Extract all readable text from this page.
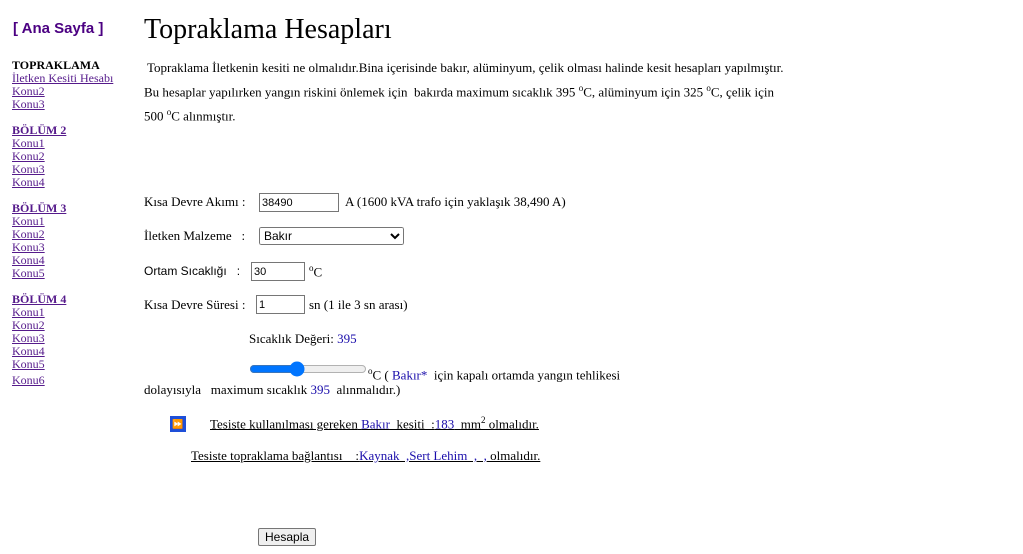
[ Ana Sayfa ]
TOPRAKLAMA
İletken Kesiti Hesabı
Konu2
Konu3
BÖLÜM 2
Konu1
Konu2
Konu3
Konu4
BÖLÜM 3
Konu1
Konu2
Konu3
Konu4
Konu5
BÖLÜM 4
Konu1
Konu2
Konu3
Konu4
Konu5
Konu6
Topraklama Hesapları
Topraklama İletkenin kesiti ne olmalıdır.Bina içerisinde bakır, alüminyum, çelik olması halinde kesit hesapları yapılmıştır.
Bu hesaplar yapılırken yangın riskini önlemek için  bakırda maximum sıcaklık 395 $^o$C, alüminyum için 325 $^o$C, çelik için
500 $^o$C alınmıştır.
Kısa Devre Akımı :
38490	A (1600 kVA trafo için yaklaşık 38,490 A)
İletken Malzeme   :
Bakır
Ortam Sıcaklığı   :
30	$^o$C
Kısa Devre Süresi :
1	sn (1 ile 3 sn arası)
Sıcaklık Değeri: 395
$^o$C ( Bakır*  için kapalı ortamda yangın tehlikesi
dolayısıyla   maximum sıcaklık 395  alınmalıdır.)
⏩ Tesiste kullanılması gereken Bakır  kesiti  :183  $mm^2$ olmalıdır.
Tesiste topraklama bağlantısı    :Kaynak  ,Sert Lehim  ,  , olmalıdır.
Hesapla
